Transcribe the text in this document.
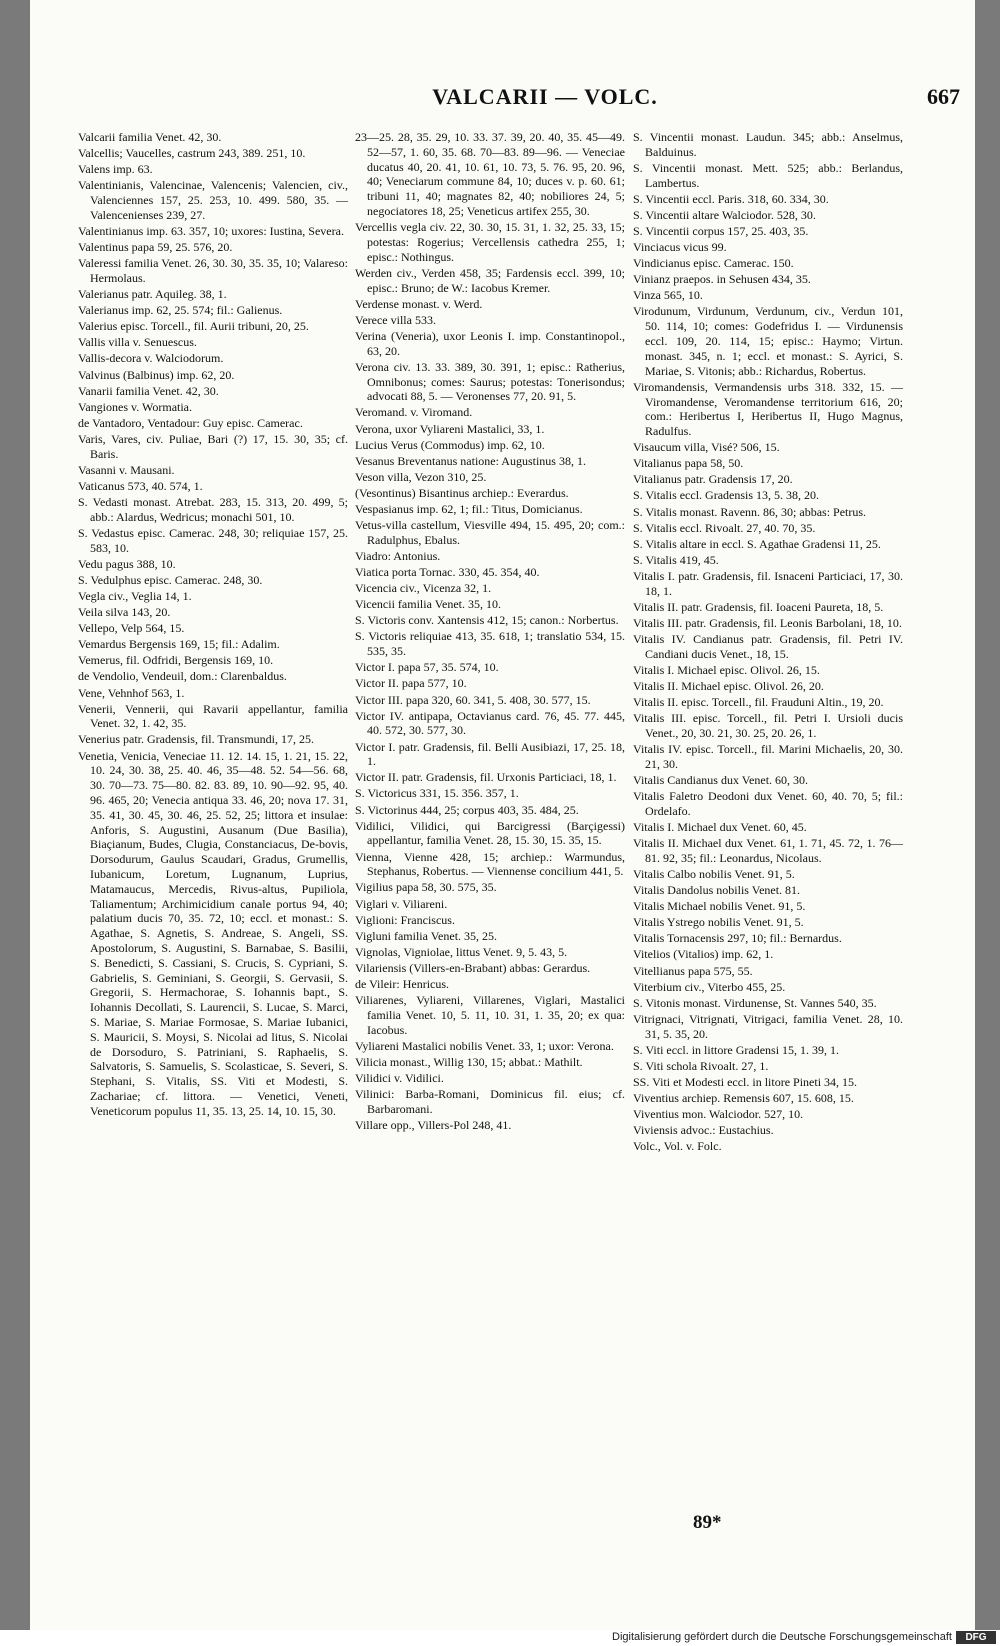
VALCARII — VOLC.	667
Valcarii familia Venet. 42, 30.
Valcellis; Vaucelles, castrum 243, 389. 251, 10.
Valens imp. 63.
Valentinianis, Valencinae, Valencenis; Valencien, civ., Valenciennes 157, 25. 253, 10. 499. 580, 35. — Valencenienses 239, 27.
Valentinianus imp. 63. 357, 10; uxores: Iustina, Severa.
Valentinus papa 59, 25. 576, 20.
Valeressi familia Venet. 26, 30. 30, 35. 35, 10; Valareso: Hermolaus.
Valerianus patr. Aquileg. 38, 1.
Valerianus imp. 62, 25. 574; fil.: Galienus.
Valerius episc. Torcell., fil. Aurii tribuni, 20, 25.
Vallis villa v. Senuescus.
Vallis-decora v. Walciodorum.
Valvinus (Balbinus) imp. 62, 20.
Vanarii familia Venet. 42, 30.
Vangiones v. Wormatia.
de Vantadoro, Ventadour: Guy episc. Camerac.
Varis, Vares, civ. Puliae, Bari (?) 17, 15. 30, 35; cf. Baris.
Vasanni v. Mausani.
Vaticanus 573, 40. 574, 1.
S. Vedasti monast. Atrebat. 283, 15. 313, 20. 499, 5; abb.: Alardus, Wedricus; monachi 501, 10.
S. Vedastus episc. Camerac. 248, 30; reliquiae 157, 25. 583, 10.
Vedu pagus 388, 10.
S. Vedulphus episc. Camerac. 248, 30.
Vegla civ., Veglia 14, 1.
Veila silva 143, 20.
Vellepo, Velp 564, 15.
Vemardus Bergensis 169, 15; fil.: Adalim.
Vemerus, fil. Odfridi, Bergensis 169, 10.
de Vendolio, Vendeuil, dom.: Clarenbaldus.
Vene, Vehnhof 563, 1.
Venerii, Vennerii, qui Ravarii appellantur, familia Venet. 32, 1. 42, 35.
Venerius patr. Gradensis, fil. Transmundi, 17, 25.
Venetia, Venicia, Veneciae 11. 12. 14. 15, 1. 21, 15. 22, 10. 24, 30. 38, 25. 40. 46, 35—48. 52. 54—56. 68, 30. 70—73. 75—80. 82. 83. 89, 10. 90—92. 95, 40. 96. 465, 20; Venecia antiqua 33. 46, 20; nova 17. 31, 35. 41, 30. 45, 30. 46, 25. 52, 25; littora et insulae: Anforis, S. Augustini, Ausanum (Due Basilia), Biaçianum, Budes, Clugia, Constanciacus, De-bovis, Dorsodurum, Gaulus Scaudari, Gradus, Grumellis, Iubanicum, Loretum, Lugnanum, Luprius, Matamaucus, Mercedis, Rivus-altus, Pupiliola, Taliamentum; Archimicidium canale portus 94, 40; palatium ducis 70, 35. 72, 10; eccl. et monast.: S. Agathae, S. Agnetis, S. Andreae, S. Angeli, SS. Apostolorum, S. Augustini, S. Barnabae, S. Basilii, S. Benedicti, S. Cassiani, S. Crucis, S. Cypriani, S. Gabrielis, S. Geminiani, S. Georgii, S. Gervasii, S. Gregorii, S. Hermachorae, S. Iohannis bapt., S. Iohannis Decollati, S. Laurencii, S. Lucae, S. Marci, S. Mariae, S. Mariae Formosae, S. Mariae Iubanici, S. Mauricii, S. Moysi, S. Nicolai ad litus, S. Nicolai de Dorsoduro, S. Patriniani, S. Raphaelis, S. Salvatoris, S. Samuelis, S. Scolasticae, S. Severi, S. Stephani, S. Vitalis, SS. Viti et Modesti, S. Zachariae; cf. littora. — Venetici, Veneti, Veneticorum populus 11, 35. 13, 25. 14, 10. 15, 30.
23—25. 28, 35. 29, 10. 33. 37. 39, 20. 40, 35. 45—49. 52—57, 1. 60, 35. 68. 70—83. 89—96. — Veneciae ducatus 40, 20. 41, 10. 61, 10. 73, 5. 76. 95, 20. 96, 40; Veneciarum commune 84, 10; duces v. p. 60. 61; tribuni 11, 40; magnates 82, 40; nobiliores 24, 5; negociatores 18, 25; Veneticus artifex 255, 30.
Vercellis vegla civ. 22, 30. 30, 15. 31, 1. 32, 25. 33, 15; potestas: Rogerius; Vercellensis cathedra 255, 1; episc.: Nothingus.
Werden civ., Verden 458, 35; Fardensis eccl. 399, 10; episc.: Bruno; de W.: Iacobus Kremer.
Verdense monast. v. Werd.
Verece villa 533.
Verina (Veneria), uxor Leonis I. imp. Constantinopol., 63, 20.
Verona civ. 13. 33. 389, 30. 391, 1; episc.: Ratherius, Omnibonus; comes: Saurus; potestas: Tonerisondus; advocati 88, 5. — Veronenses 77, 20. 91, 5.
Veromand. v. Viromand.
Verona, uxor Vyliareni Mastalici, 33, 1.
Lucius Verus (Commodus) imp. 62, 10.
Vesanus Breventanus natione: Augustinus 38, 1.
Veson villa, Vezon 310, 25.
(Vesontinus) Bisantinus archiep.: Everardus.
Vespasianus imp. 62, 1; fil.: Titus, Domicianus.
Vetus-villa castellum, Viesville 494, 15. 495, 20; com.: Radulphus, Ebalus.
Viadro: Antonius.
Viatica porta Tornac. 330, 45. 354, 40.
Vicencia civ., Vicenza 32, 1.
Vicencii familia Venet. 35, 10.
S. Victoris conv. Xantensis 412, 15; canon.: Norbertus.
S. Victoris reliquiae 413, 35. 618, 1; translatio 534, 15. 535, 35.
Victor I. papa 57, 35. 574, 10.
Victor II. papa 577, 10.
Victor III. papa 320, 60. 341, 5. 408, 30. 577, 15.
Victor IV. antipapa, Octavianus card. 76, 45. 77. 445, 40. 572, 30. 577, 30.
Victor I. patr. Gradensis, fil. Belli Ausibiazi, 17, 25. 18, 1.
Victor II. patr. Gradensis, fil. Urxonis Particiaci, 18, 1.
S. Victoricus 331, 15. 356. 357, 1.
S. Victorinus 444, 25; corpus 403, 35. 484, 25.
Vidilici, Vilidici, qui Barcigressi (Barçigessi) appellantur, familia Venet. 28, 15. 30, 15. 35, 15.
Vienna, Vienne 428, 15; archiep.: Warmundus, Stephanus, Robertus. — Viennense concilium 441, 5.
Vigilius papa 58, 30. 575, 35.
Viglari v. Viliareni.
Viglioni: Franciscus.
Vigluni familia Venet. 35, 25.
Vignolas, Vigniolae, littus Venet. 9, 5. 43, 5.
Vilariensis (Villers-en-Brabant) abbas: Gerardus.
de Vileir: Henricus.
Viliarenes, Vyliareni, Villarenes, Viglari, Mastalici familia Venet. 10, 5. 11, 10. 31, 1. 35, 20; ex qua: Iacobus.
Vyliareni Mastalici nobilis Venet. 33, 1; uxor: Verona.
Vilicia monast., Willig 130, 15; abbat.: Mathilt.
Vilidici v. Vidilici.
Vilinici: Barba-Romani, Dominicus fil. eius; cf. Barbaromani.
Villare opp., Villers-Pol 248, 41.
S. Vincentii monast. Laudun. 345; abb.: Anselmus, Balduinus.
S. Vincentii monast. Mett. 525; abb.: Berlandus, Lambertus.
S. Vincentii eccl. Paris. 318, 60. 334, 30.
S. Vincentii altare Walciodor. 528, 30.
S. Vincentii corpus 157, 25. 403, 35.
Vinciacus vicus 99.
Vindicianus episc. Camerac. 150.
Vinianz praepos. in Sehusen 434, 35.
Vinza 565, 10.
Virodunum, Virdunum, Verdunum, civ., Verdun 101, 50. 114, 10; comes: Godefridus I. — Virdunensis eccl. 109, 20. 114, 15; episc.: Haymo; Virtun. monast. 345, n. 1; eccl. et monast.: S. Ayrici, S. Mariae, S. Vitonis; abb.: Richardus, Robertus.
Viromandensis, Vermandensis urbs 318. 332, 15. — Viromandense, Veromandense territorium 616, 20; com.: Heribertus I, Heribertus II, Hugo Magnus, Radulfus.
Visaucum villa, Visé? 506, 15.
Vitalianus papa 58, 50.
Vitalianus patr. Gradensis 17, 20.
S. Vitalis eccl. Gradensis 13, 5. 38, 20.
S. Vitalis monast. Ravenn. 86, 30; abbas: Petrus.
S. Vitalis eccl. Rivoalt. 27, 40. 70, 35.
S. Vitalis altare in eccl. S. Agathae Gradensi 11, 25.
S. Vitalis 419, 45.
Vitalis I. patr. Gradensis, fil. Isnaceni Particiaci, 17, 30. 18, 1.
Vitalis II. patr. Gradensis, fil. Ioaceni Paureta, 18, 5.
Vitalis III. patr. Gradensis, fil. Leonis Barbolani, 18, 10.
Vitalis IV. Candianus patr. Gradensis, fil. Petri IV. Candiani ducis Venet., 18, 15.
Vitalis I. Michael episc. Olivol. 26, 15.
Vitalis II. Michael episc. Olivol. 26, 20.
Vitalis II. episc. Torcell., fil. Frauduni Altin., 19, 20.
Vitalis III. episc. Torcell., fil. Petri I. Ursioli ducis Venet., 20, 30. 21, 30. 25, 20. 26, 1.
Vitalis IV. episc. Torcell., fil. Marini Michaelis, 20, 30. 21, 30.
Vitalis Candianus dux Venet. 60, 30.
Vitalis Faletro Deodoni dux Venet. 60, 40. 70, 5; fil.: Ordelafo.
Vitalis I. Michael dux Venet. 60, 45.
Vitalis II. Michael dux Venet. 61, 1. 71, 45. 72, 1. 76—81. 92, 35; fil.: Leonardus, Nicolaus.
Vitalis Calbo nobilis Venet. 91, 5.
Vitalis Dandolus nobilis Venet. 81.
Vitalis Michael nobilis Venet. 91, 5.
Vitalis Ystrego nobilis Venet. 91, 5.
Vitalis Tornacensis 297, 10; fil.: Bernardus.
Vitelios (Vitalios) imp. 62, 1.
Vitellianus papa 575, 55.
Viterbium civ., Viterbo 455, 25.
S. Vitonis monast. Virdunense, St. Vannes 540, 35.
Vitrignaci, Vitrignati, Vitrigaci, familia Venet. 28, 10. 31, 5. 35, 20.
S. Viti eccl. in littore Gradensi 15, 1. 39, 1.
S. Viti schola Rivoalt. 27, 1.
SS. Viti et Modesti eccl. in litore Pineti 34, 15.
Viventius archiep. Remensis 607, 15. 608, 15.
Viventius mon. Walciodor. 527, 10.
Viviensis advoc.: Eustachius.
Volc., Vol. v. Folc.
89*
Digitalisierung gefördert durch die Deutsche Forschungsgemeinschaft	DFG
